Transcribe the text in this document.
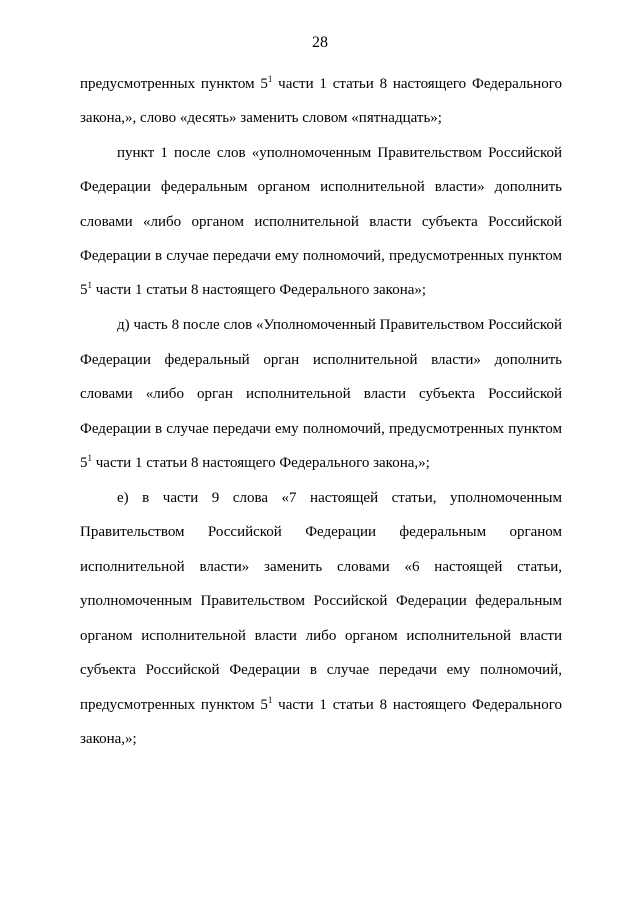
28
предусмотренных пунктом $5^1$ части 1 статьи 8 настоящего Федерального
закона,», слово «десять» заменить словом «пятнадцать»;
пункт 1 после слов «уполномоченным Правительством Российской
Федерации федеральным органом исполнительной власти» дополнить
словами «либо органом исполнительной власти субъекта Российской
Федерации в случае передачи ему полномочий, предусмотренных пунктом
$5^1$ части 1 статьи 8 настоящего Федерального закона»;
д) часть 8 после слов «Уполномоченный Правительством Российской
Федерации федеральный орган исполнительной власти» дополнить
словами «либо орган исполнительной власти субъекта Российской
Федерации в случае передачи ему полномочий, предусмотренных пунктом
$5^1$ части 1 статьи 8 настоящего Федерального закона,»;
е) в части 9 слова «7 настоящей статьи, уполномоченным
Правительством Российской Федерации федеральным органом
исполнительной власти» заменить словами «6 настоящей статьи,
уполномоченным Правительством Российской Федерации федеральным
органом исполнительной власти либо органом исполнительной власти
субъекта Российской Федерации в случае передачи ему полномочий,
предусмотренных пунктом $5^1$ части 1 статьи 8 настоящего Федерального
закона,»;
